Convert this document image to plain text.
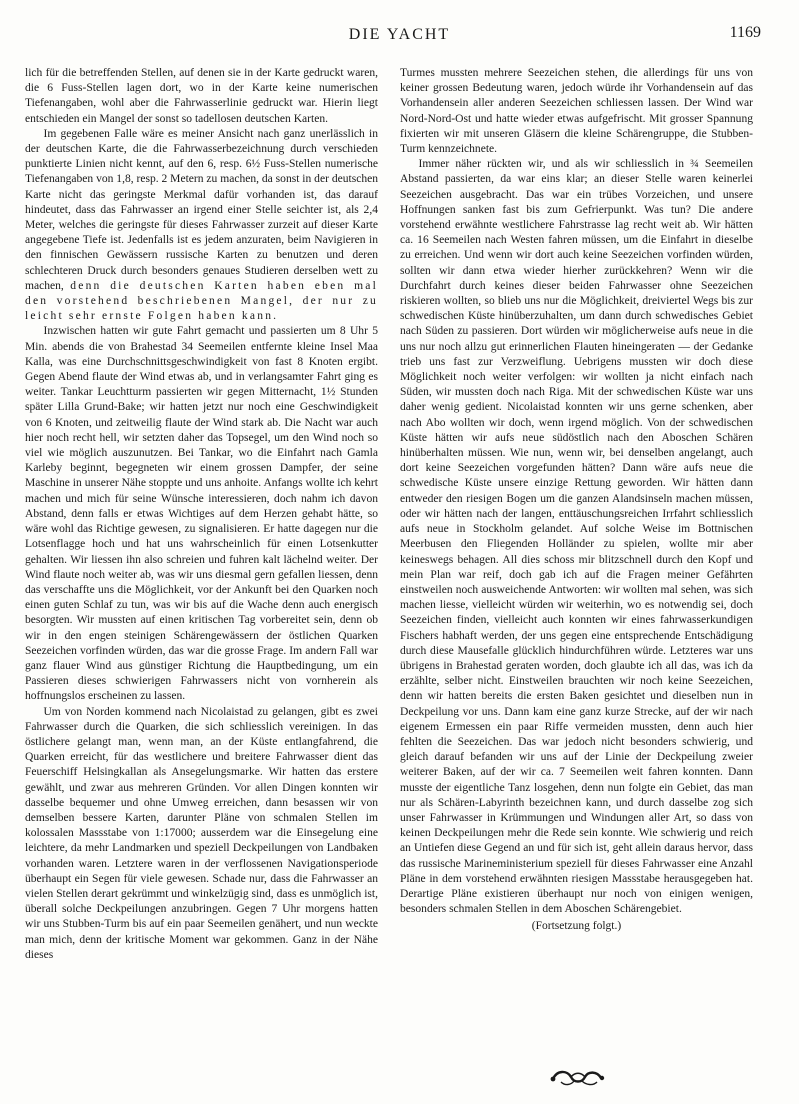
DIE YACHT	1169

lich für die betreffenden Stellen, auf denen sie in der Karte gedruckt waren, die 6 Fuss-Stellen lagen dort, wo in der Karte keine numerischen Tiefenangaben, wohl aber die Fahrwasserlinie gedruckt war. Hierin liegt entschieden ein Mangel der sonst so tadellosen deutschen Karten.

Im gegebenen Falle wäre es meiner Ansicht nach ganz unerlässlich in der deutschen Karte, die die Fahrwasserbezeichnung durch verschieden punktierte Linien nicht kennt, auf den 6, resp. 6½ Fuss-Stellen numerische Tiefenangaben von 1,8, resp. 2 Metern zu machen, da sonst in der deutschen Karte nicht das geringste Merkmal dafür vorhanden ist, das darauf hindeutet, dass das Fahrwasser an irgend einer Stelle seichter ist, als 2,4 Meter, welches die geringste für dieses Fahrwasser zurzeit auf dieser Karte angegebene Tiefe ist. Jedenfalls ist es jedem anzuraten, beim Navigieren in den finnischen Gewässern russische Karten zu benutzen und deren schlechteren Druck durch besonders genaues Studieren derselben wett zu machen, denn die deutschen Karten haben eben mal den vorstehend beschriebenen Mangel, der nur zu leicht sehr ernste Folgen haben kann.

Inzwischen hatten wir gute Fahrt gemacht und passierten um 8 Uhr 5 Min. abends die von Brahestad 34 Seemeilen entfernte kleine Insel Maa Kalla, was eine Durchschnittsgeschwindigkeit von fast 8 Knoten ergibt. Gegen Abend flaute der Wind etwas ab, und in verlangsamter Fahrt ging es weiter. Tankar Leuchtturm passierten wir gegen Mitternacht, 1½ Stunden später Lilla Grund-Bake; wir hatten jetzt nur noch eine Geschwindigkeit von 6 Knoten, und zeitweilig flaute der Wind stark ab. Die Nacht war auch hier noch recht hell, wir setzten daher das Topsegel, um den Wind noch so viel wie möglich auszunutzen. Bei Tankar, wo die Einfahrt nach Gamla Karleby beginnt, begegneten wir einem grossen Dampfer, der seine Maschine in unserer Nähe stoppte und uns anhoite. Anfangs wollte ich kehrt machen und mich für seine Wünsche interessieren, doch nahm ich davon Abstand, denn falls er etwas Wichtiges auf dem Herzen gehabt hätte, so wäre wohl das Richtige gewesen, zu signalisieren. Er hatte dagegen nur die Lotsenflagge hoch und hat uns wahrscheinlich für einen Lotsenkutter gehalten. Wir liessen ihn also schreien und fuhren kalt lächelnd weiter. Der Wind flaute noch weiter ab, was wir uns diesmal gern gefallen liessen, denn das verschaffte uns die Möglichkeit, vor der Ankunft bei den Quarken noch einen guten Schlaf zu tun, was wir bis auf die Wache denn auch energisch besorgten. Wir mussten auf einen kritischen Tag vorbereitet sein, denn ob wir in den engen steinigen Schärengewässern der östlichen Quarken Seezeichen vorfinden würden, das war die grosse Frage. Im andern Fall war ganz flauer Wind aus günstiger Richtung die Hauptbedingung, um ein Passieren dieses schwierigen Fahrwassers nicht von vornherein als hoffnungslos erscheinen zu lassen.

Um von Norden kommend nach Nicolaistad zu gelangen, gibt es zwei Fahrwasser durch die Quarken, die sich schliesslich vereinigen. In das östlichere gelangt man, wenn man, an der Küste entlangfahrend, die Quarken erreicht, für das westlichere und breitere Fahrwasser dient das Feuerschiff Helsingkallan als Ansegelungsmarke. Wir hatten das erstere gewählt, und zwar aus mehreren Gründen. Vor allen Dingen konnten wir dasselbe bequemer und ohne Umweg erreichen, dann besassen wir von demselben bessere Karten, darunter Pläne von schmalen Stellen im kolossalen Massstabe von 1:17000; ausserdem war die Einsegelung eine leichtere, da mehr Landmarken und speziell Deckpeilungen von Landbaken vorhanden waren. Letztere waren in der verflossenen Navigationsperiode überhaupt ein Segen für viele gewesen. Schade nur, dass die Fahrwasser an vielen Stellen derart gekrümmt und winkelzügig sind, dass es unmöglich ist, überall solche Deckpeilungen anzubringen. Gegen 7 Uhr morgens hatten wir uns Stubben-Turm bis auf ein paar Seemeilen genähert, und nun weckte man mich, denn der kritische Moment war gekommen. Ganz in der Nähe dieses

Turmes mussten mehrere Seezeichen stehen, die allerdings für uns von keiner grossen Bedeutung waren, jedoch würde ihr Vorhandensein auf das Vorhandensein aller anderen Seezeichen schliessen lassen. Der Wind war Nord-Nord-Ost und hatte wieder etwas aufgefrischt. Mit grosser Spannung fixierten wir mit unseren Gläsern die kleine Schärengruppe, die Stubben-Turm kennzeichnete.

Immer näher rückten wir, und als wir schliesslich in ¾ Seemeilen Abstand passierten, da war eins klar; an dieser Stelle waren keinerlei Seezeichen ausgebracht. Das war ein trübes Vorzeichen, und unsere Hoffnungen sanken fast bis zum Gefrierpunkt. Was tun? Die andere vorstehend erwähnte westlichere Fahrstrasse lag recht weit ab. Wir hätten ca. 16 Seemeilen nach Westen fahren müssen, um die Einfahrt in dieselbe zu erreichen. Und wenn wir dort auch keine Seezeichen vorfinden würden, sollten wir dann etwa wieder hierher zurückkehren? Wenn wir die Durchfahrt durch keines dieser beiden Fahrwasser ohne Seezeichen riskieren wollten, so blieb uns nur die Möglichkeit, dreiviertel Wegs bis zur schwedischen Küste hinüberzuhalten, um dann durch schwedisches Gebiet nach Süden zu passieren. Dort würden wir möglicherweise aufs neue in die uns nur noch allzu gut erinnerlichen Flauten hineingeraten — der Gedanke trieb uns fast zur Verzweiflung. Uebrigens mussten wir doch diese Möglichkeit noch weiter verfolgen: wir wollten ja nicht einfach nach Süden, wir mussten doch nach Riga. Mit der schwedischen Küste war uns daher wenig gedient. Nicolaistad konnten wir uns gerne schenken, aber nach Abo wollten wir doch, wenn irgend möglich. Von der schwedischen Küste hätten wir aufs neue südöstlich nach den Aboschen Schären hinüberhalten müssen. Wie nun, wenn wir, bei denselben angelangt, auch dort keine Seezeichen vorgefunden hätten? Dann wäre aufs neue die schwedische Küste unsere einzige Rettung geworden. Wir hätten dann entweder den riesigen Bogen um die ganzen Alandsinseln machen müssen, oder wir hätten nach der langen, enttäuschungsreichen Irrfahrt schliesslich aufs neue in Stockholm gelandet. Auf solche Weise im Bottnischen Meerbusen den Fliegenden Holländer zu spielen, wollte mir aber keineswegs behagen. All dies schoss mir blitzschnell durch den Kopf und mein Plan war reif, doch gab ich auf die Fragen meiner Gefährten einstweilen noch ausweichende Antworten: wir wollten mal sehen, was sich machen liesse, vielleicht würden wir weiterhin, wo es notwendig sei, doch Seezeichen finden, vielleicht auch konnten wir eines fahrwasserkundigen Fischers habhaft werden, der uns gegen eine entsprechende Entschädigung durch diese Mausefalle glücklich hindurchführen würde. Letzteres war uns übrigens in Brahestad geraten worden, doch glaubte ich all das, was ich da erzählte, selber nicht. Einstweilen brauchten wir noch keine Seezeichen, denn wir hatten bereits die ersten Baken gesichtet und dieselben nun in Deckpeilung vor uns. Dann kam eine ganz kurze Strecke, auf der wir nach eigenem Ermessen ein paar Riffe vermeiden mussten, denn auch hier fehlten die Seezeichen. Das war jedoch nicht besonders schwierig, und gleich darauf befanden wir uns auf der Linie der Deckpeilung zweier weiterer Baken, auf der wir ca. 7 Seemeilen weit fahren konnten. Dann musste der eigentliche Tanz losgehen, denn nun folgte ein Gebiet, das man nur als Schären-Labyrinth bezeichnen kann, und durch dasselbe zog sich unser Fahrwasser in Krümmungen und Windungen aller Art, so dass von keinen Deckpeilungen mehr die Rede sein konnte. Wie schwierig und reich an Untiefen diese Gegend an und für sich ist, geht allein daraus hervor, dass das russische Marineministerium speziell für dieses Fahrwasser eine Anzahl Pläne in dem vorstehend erwähnten riesigen Massstabe herausgegeben hat. Derartige Pläne existieren überhaupt nur noch von einigen wenigen, besonders schmalen Stellen in dem Aboschen Schärengebiet.

(Fortsetzung folgt.)
